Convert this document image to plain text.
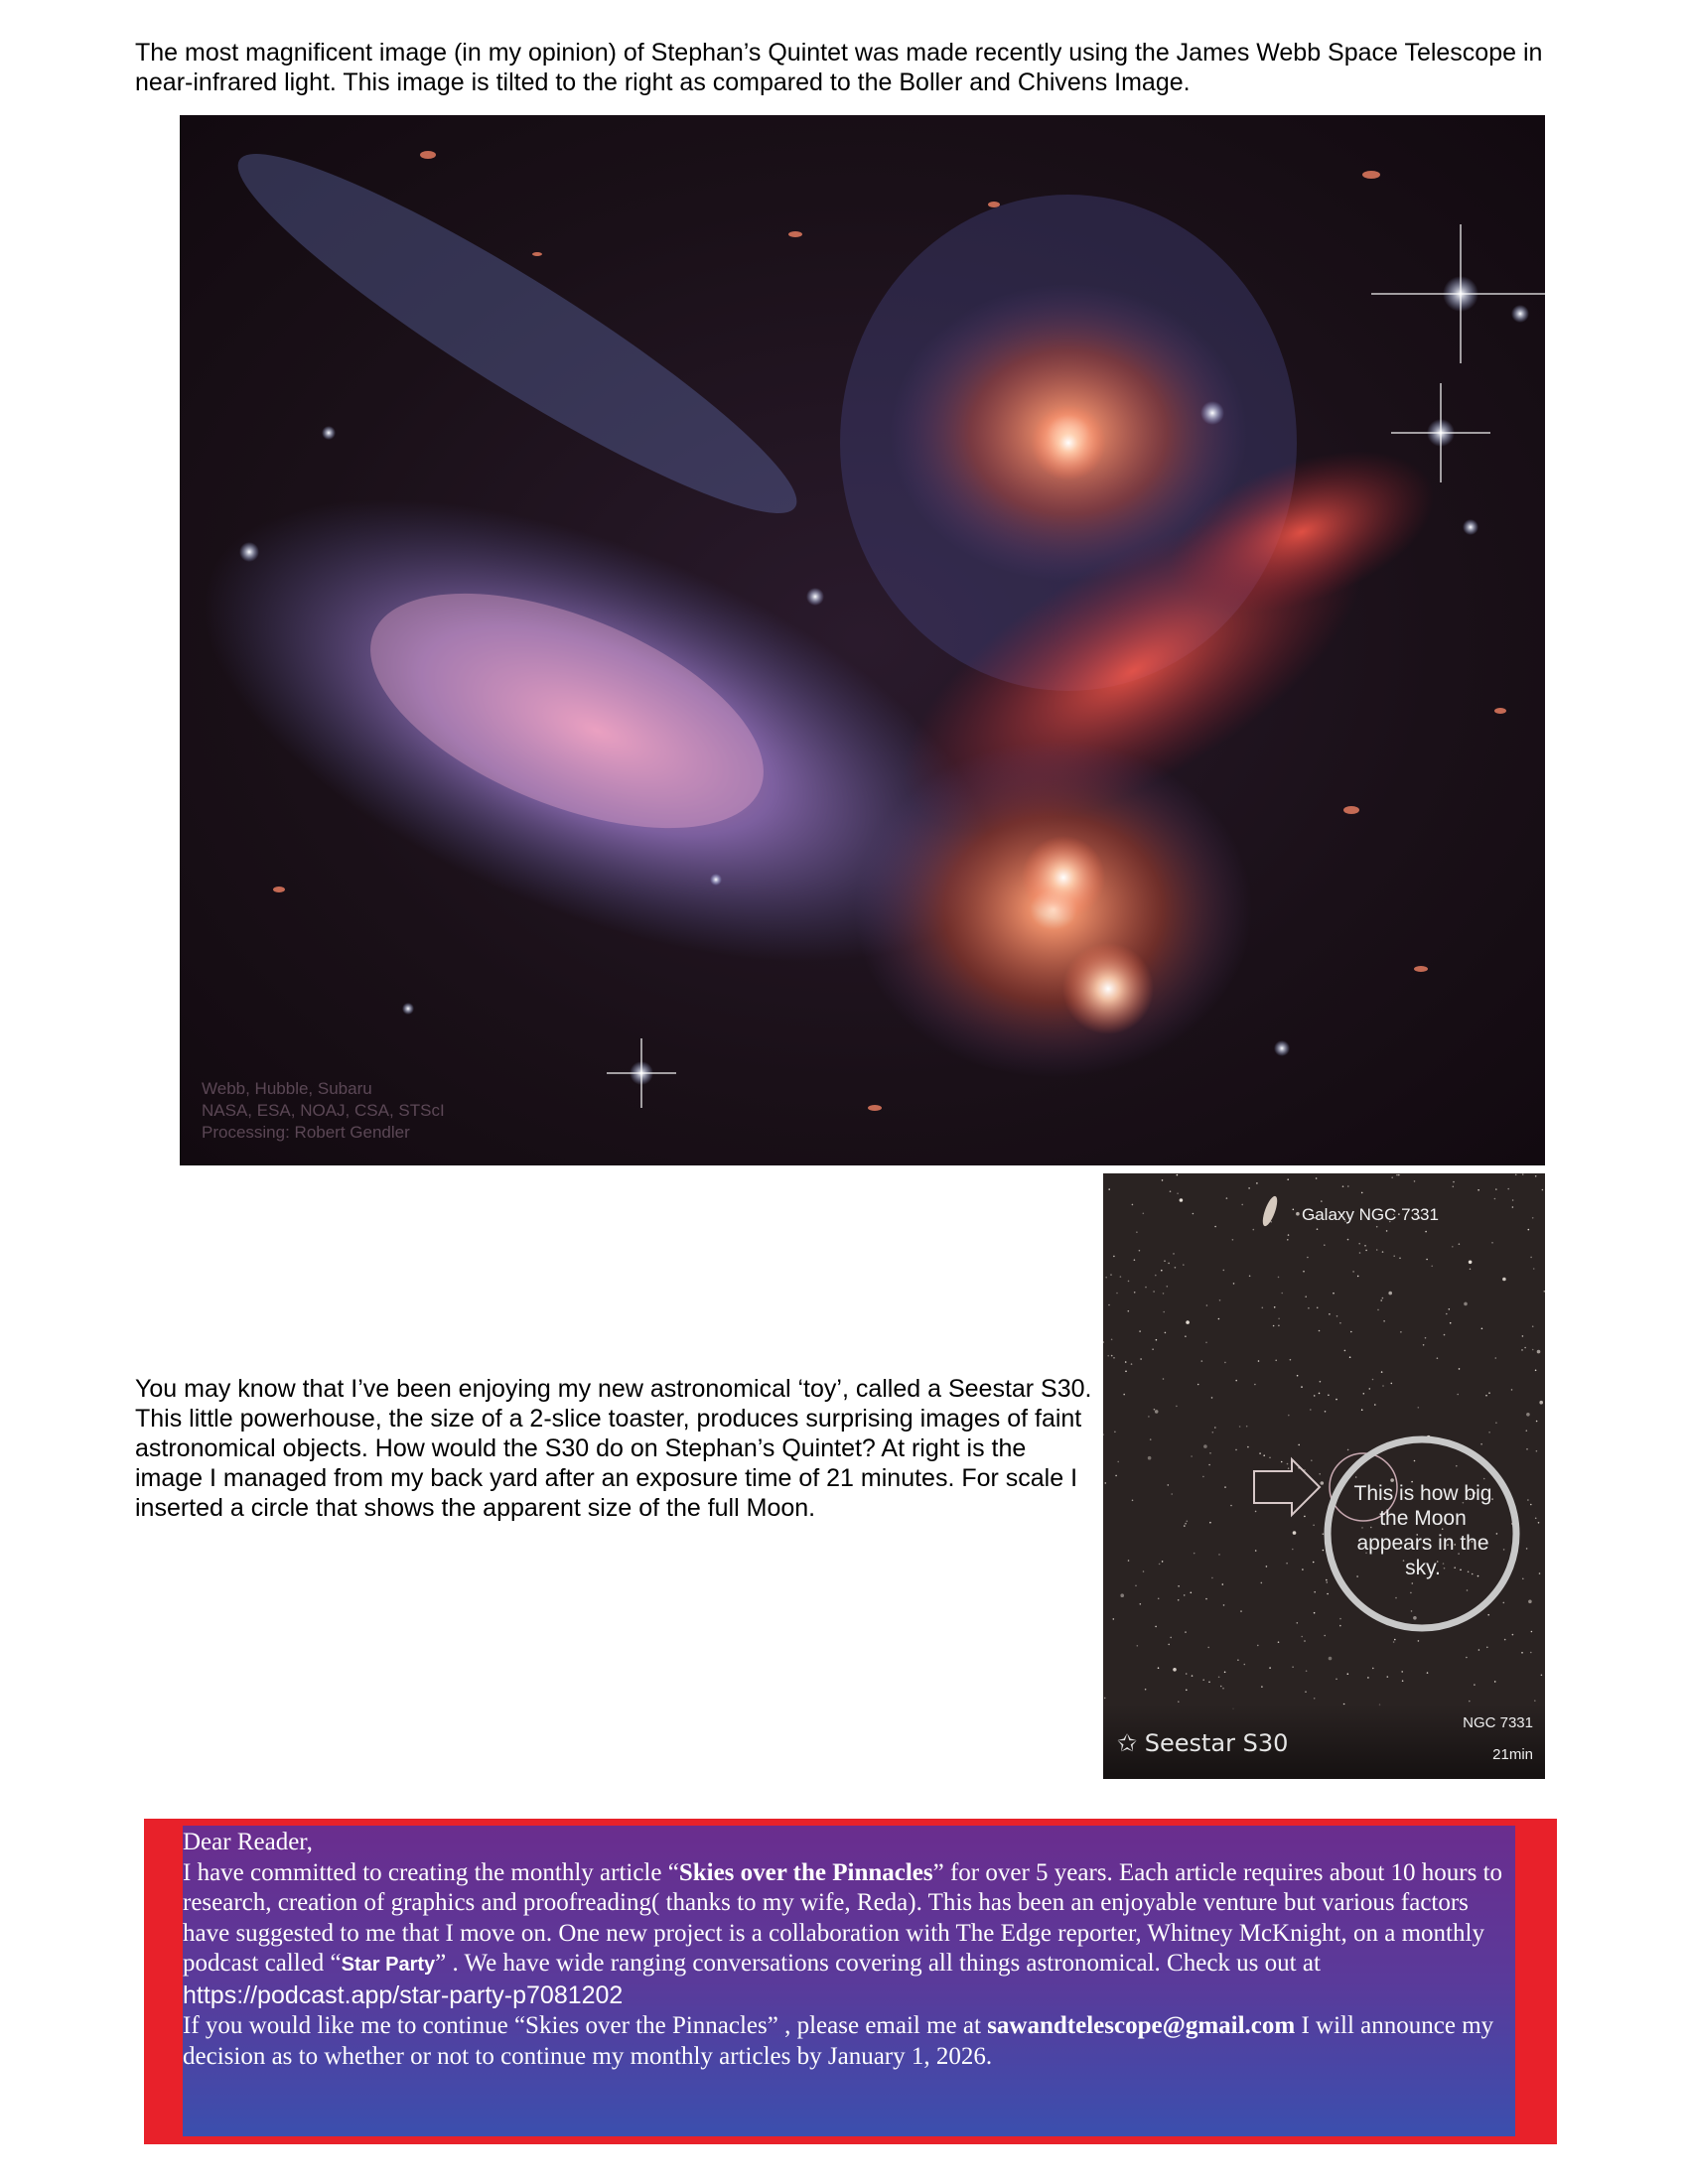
The most magnificent image (in my opinion) of Stephan’s Quintet was made recently using the James Webb Space Telescope in near-infrared light. This image is tilted to the right as compared to the Boller and Chivens Image.

Webb, Hubble, Subaru
NASA, ESA, NOAJ, CSA, STScI
Processing: Robert Gendler

You may know that I’ve been enjoying my new astronomical ‘toy’, called a Seestar S30. This little powerhouse, the size of a 2-slice toaster, produces surprising images of faint astronomical objects. How would the S30 do on Stephan’s Quintet? At right is the image I managed from my back yard after an exposure time of 21 minutes. For scale I inserted a circle that shows the apparent size of the full Moon.

Galaxy NGC 7331
This is how big the Moon appears in the sky.
✩ Seestar S30
NGC 7331
21min

Dear Reader,

I have committed to creating the monthly article “Skies over the Pinnacles” for over 5 years. Each article requires about 10 hours to research, creation of graphics and proofreading( thanks to my wife, Reda). This has been an enjoyable venture but various factors have suggested to me that I move on. One new project is a collaboration with The Edge reporter, Whitney McKnight, on a monthly podcast called “Star Party” . We have wide ranging conversations covering all things astronomical. Check us out at https://podcast.app/star-party-p7081202

If you would like me to continue “Skies over the Pinnacles” , please email me at sawandtelescope@gmail.com I will announce my decision as to whether or not to continue my monthly articles by January 1, 2026.
